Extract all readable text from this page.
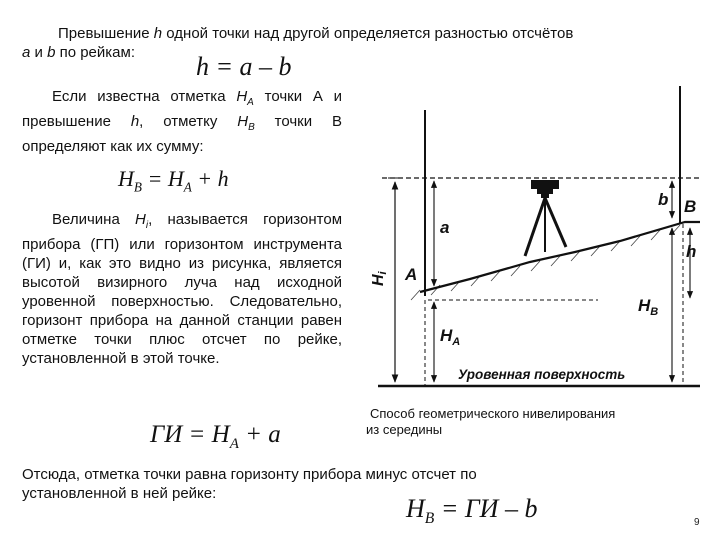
Превышение h одной точки над другой определяется разностью отсчётов
a и b по рейкам:	h = a – b
Если известна отметка $H_A$ точки А и превышение h, отметку $H_B$ точки В определяют как их сумму:
$H_B = H_A + h$
Величина $H_i$, называется горизонтом прибора (ГП) или горизонтом инструмента (ГИ) и, как это видно из рисунка, является высотой визирного луча над исходной уровенной поверхностью. Следовательно, горизонт прибора на данной станции равен отметке точки плюс отсчет по рейке, установленной в этой точке.
ГИ = $H_A + a$
a
A
b B
h
Hi
$H_A$
$H_B$
Уровенная поверхность
Способ геометрического нивелирования
из середины
Отсюда, отметка точки равна горизонту прибора минус отсчет по
установленной в ней рейке:
$H_B$ = ГИ – b	9
